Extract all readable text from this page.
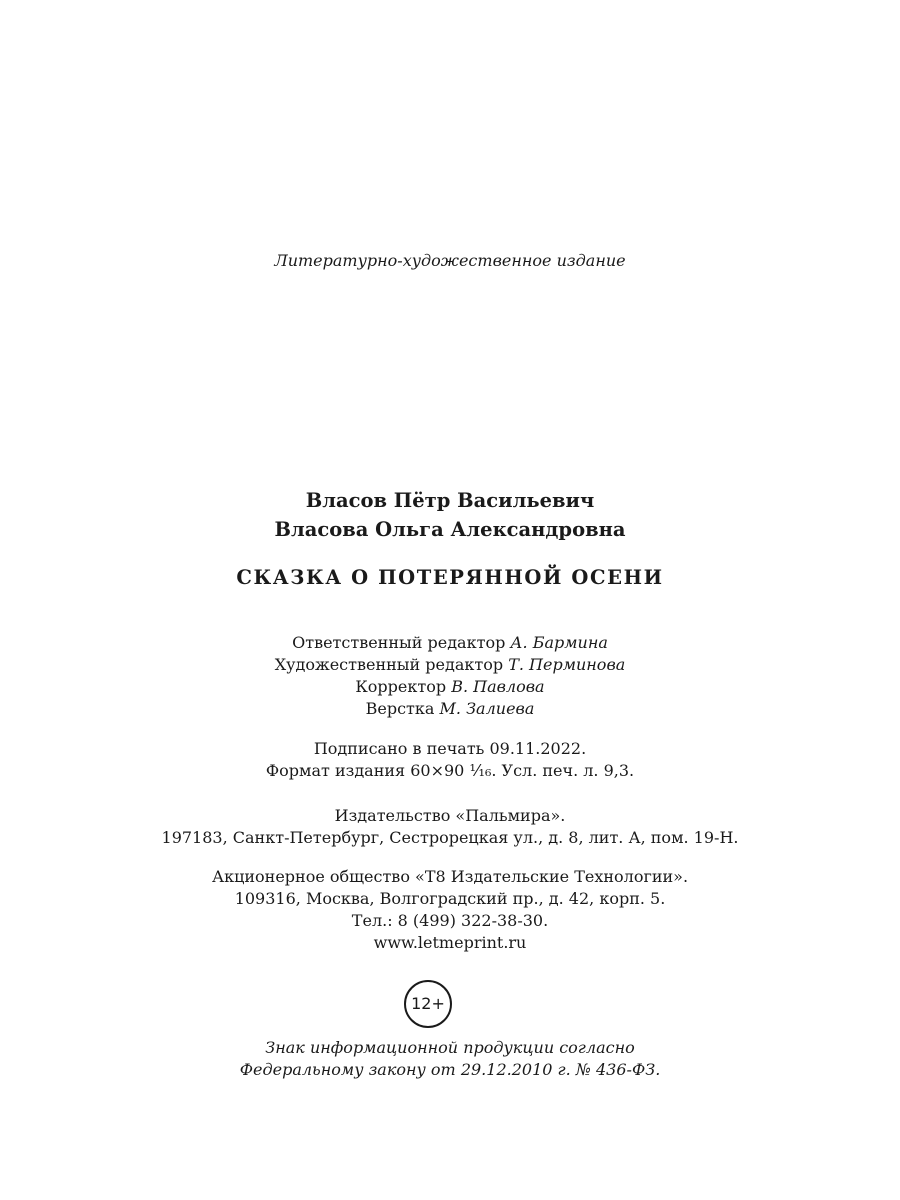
Литературно-художественное издание
Власов Пётр Васильевич
Власова Ольга Александровна
СКАЗКА О ПОТЕРЯННОЙ ОСЕНИ
Ответственный редактор А. Бармина
Художественный редактор Т. Перминова
Корректор В. Павлова
Верстка М. Залиева
Подписано в печать 09.11.2022.
Формат издания 60×90 ¹⁄₁₆. Усл. печ. л. 9,3.
Издательство «Пальмира».
197183, Санкт-Петербург, Сестрорецкая ул., д. 8, лит. А, пом. 19-Н.
Акционерное общество «Т8 Издательские Технологии».
109316, Москва, Волгоградский пр., д. 42, корп. 5.
Тел.: 8 (499) 322-38-30.
www.letmeprint.ru
12+
Знак информационной продукции согласно
Федеральному закону от 29.12.2010 г. № 436-ФЗ.
